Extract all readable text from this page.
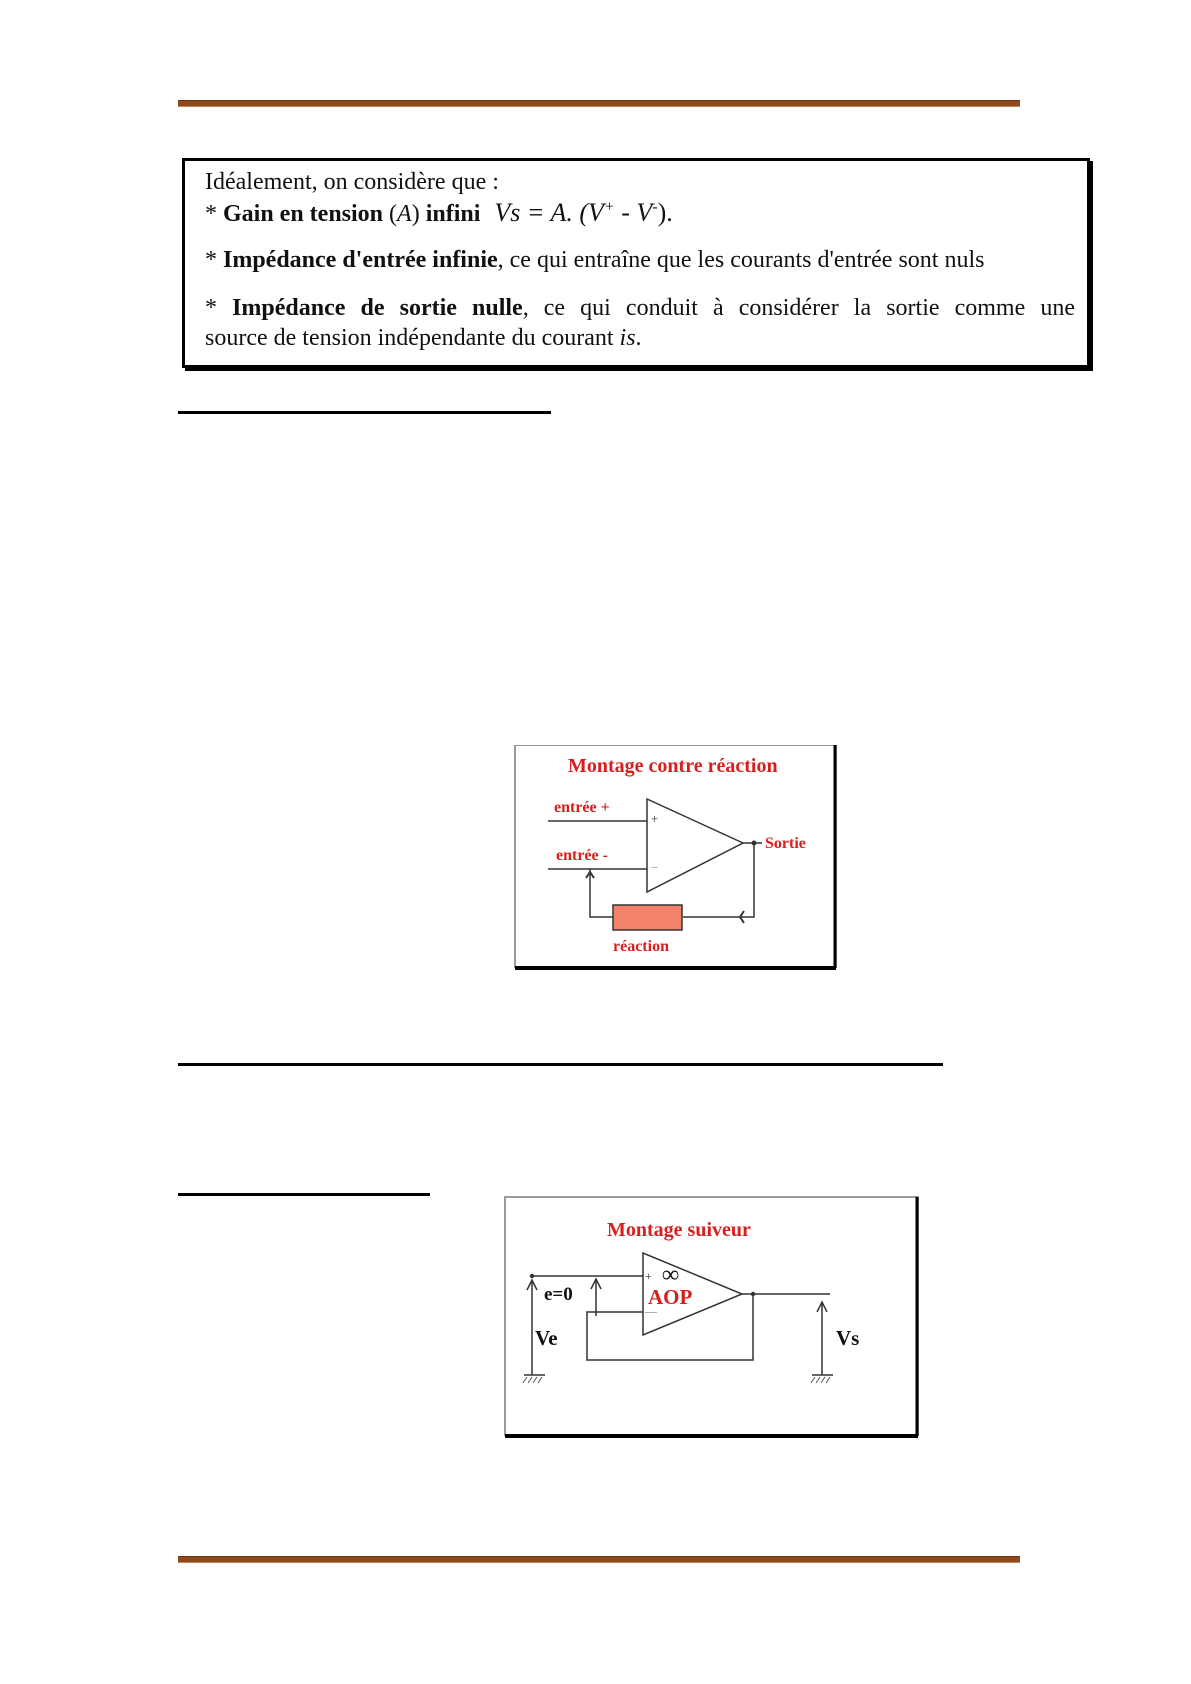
Idéalement, on considère que :

* Gain en tension (A) infini Vs = A. (V+ - V-).

* Impédance d'entrée infinie, ce qui entraîne que les courants d'entrée sont nuls

* Impédance de sortie nulle, ce qui conduit à considérer la sortie comme une

source de tension indépendante du courant is.

Montage contre réaction
entrée +
entrée -
+
−
Sortie
réaction
Montage suiveur
Ve
e=0
+
—
∞
AOP
Vs
